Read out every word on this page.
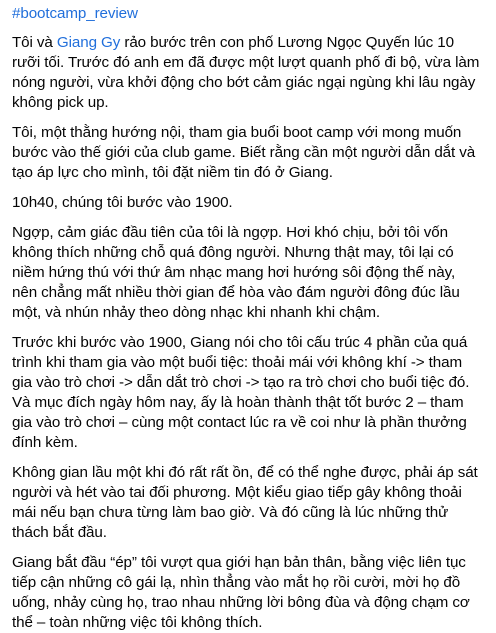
#bootcamp_review
Tôi và Giang Gy rảo bước trên con phố Lương Ngọc Quyến lúc 10 rưỡi tối. Trước đó anh em đã được một lượt quanh phố đi bộ, vừa làm nóng người, vừa khởi động cho bớt cảm giác ngại ngùng khi lâu ngày không pick up.
Tôi, một thằng hướng nội, tham gia buổi boot camp với mong muốn bước vào thế giới của club game. Biết rằng cần một người dẫn dắt và tạo áp lực cho mình, tôi đặt niềm tin đó ở Giang.
10h40, chúng tôi bước vào 1900.
Ngợp, cảm giác đầu tiên của tôi là ngợp. Hơi khó chịu, bởi tôi vốn không thích những chỗ quá đông người. Nhưng thật may, tôi lại có niềm hứng thú với thứ âm nhạc mang hơi hướng sôi động thế này, nên chẳng mất nhiều thời gian để hòa vào đám người đông đúc lầu một, và nhún nhảy theo dòng nhạc khi nhanh khi chậm.
Trước khi bước vào 1900, Giang nói cho tôi cấu trúc 4 phần của quá trình khi tham gia vào một buổi tiệc: thoải mái với không khí -> tham gia vào trò chơi -> dẫn dắt trò chơi -> tạo ra trò chơi cho buổi tiệc đó. Và mục đích ngày hôm nay, ấy là hoàn thành thật tốt bước 2 – tham gia vào trò chơi – cùng một contact lúc ra về coi như là phần thưởng đính kèm.
Không gian lầu một khi đó rất rất ồn, để có thể nghe được, phải áp sát người và hét vào tai đối phương. Một kiểu giao tiếp gây không thoải mái nếu bạn chưa từng làm bao giờ. Và đó cũng là lúc những thử thách bắt đầu.
Giang bắt đầu “ép” tôi vượt qua giới hạn bản thân, bằng việc liên tục tiếp cận những cô gái lạ, nhìn thẳng vào mắt họ rồi cười, mời họ đồ uống, nhảy cùng họ, trao nhau những lời bông đùa và động chạm cơ thể – toàn những việc tôi không thích.
